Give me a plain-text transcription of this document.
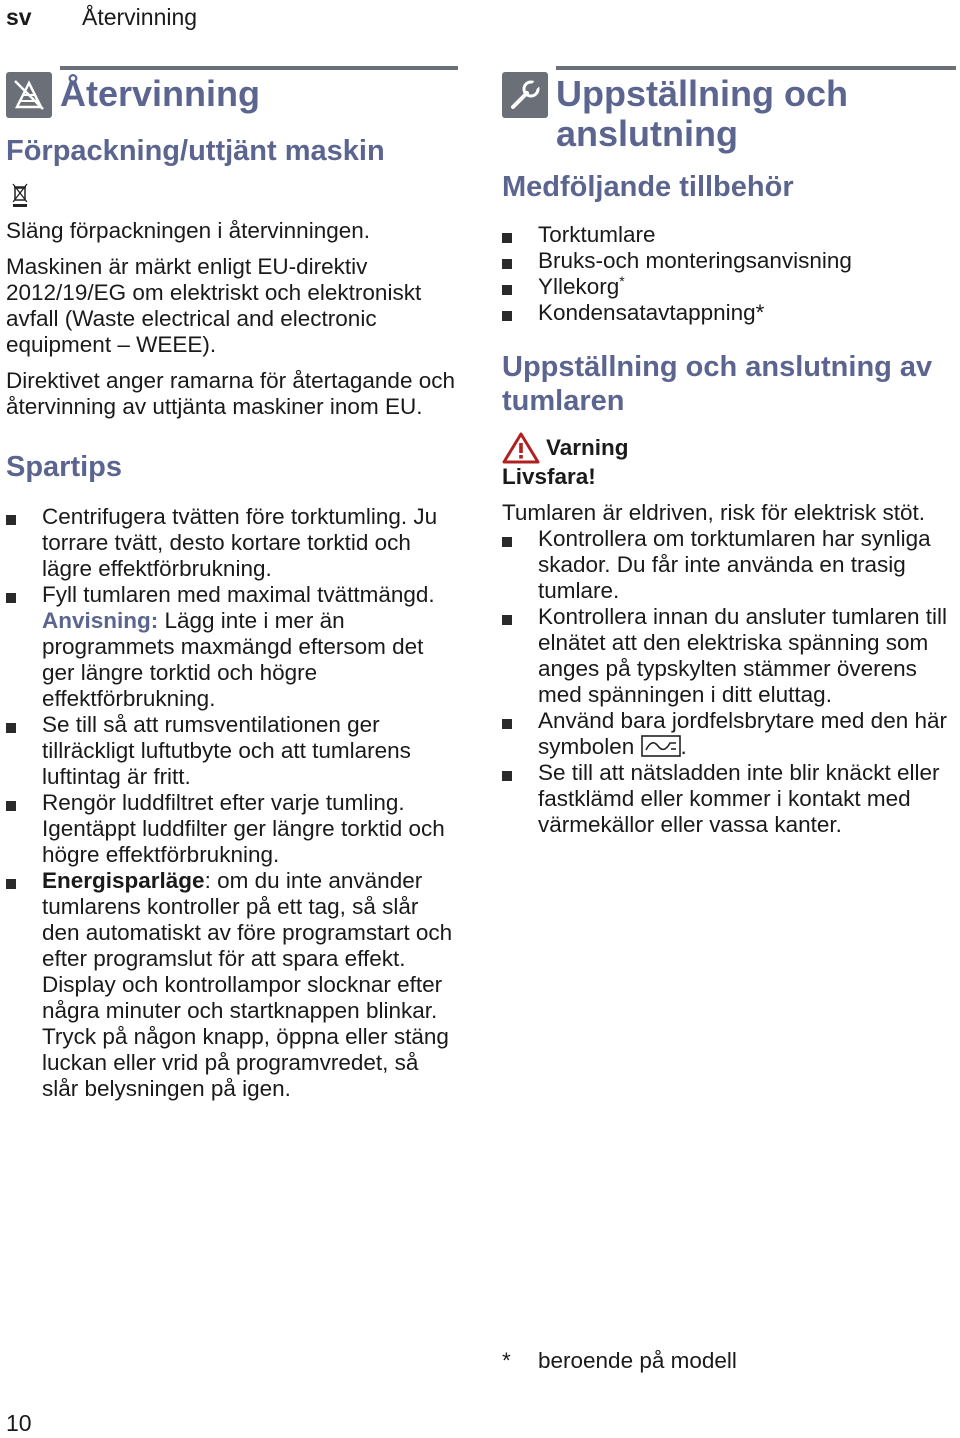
sv Återvinning
Återvinning
Förpackning/uttjänt maskin

Släng förpackningen i återvinningen.

Maskinen är märkt enligt EU-direktiv 2012/19/EG om elektriskt och elektroniskt avfall (Waste electrical and electronic equipment – WEEE).

Direktivet anger ramarna för återtagande och återvinning av uttjänta maskiner inom EU.

Spartips
Centrifugera tvätten före torktumling. Ju torrare tvätt, desto kortare torktid och lägre effektförbrukning.
Fyll tumlaren med maximal tvättmängd.
Anvisning: Lägg inte i mer än programmets maxmängd eftersom det ger längre torktid och högre effektförbrukning.
Se till så att rumsventilationen ger tillräckligt luftutbyte och att tumlarens luftintag är fritt.
Rengör luddfiltret efter varje tumling. Igentäppt luddfilter ger längre torktid och högre effektförbrukning.
Energisparläge: om du inte använder tumlarens kontroller på ett tag, så slår den automatiskt av före programstart och efter programslut för att spara effekt. Display och kontrollampor slocknar efter några minuter och startknappen blinkar. Tryck på någon knapp, öppna eller stäng luckan eller vrid på programvredet, så slår belysningen på igen.
Uppställning och anslutning
Medföljande tillbehör
Torktumlare
Bruks-och monteringsanvisning
Yllekorg*
Kondensatavtappning*
Uppställning och anslutning av tumlaren
Varning
Livsfara!
Tumlaren är eldriven, risk för elektrisk stöt.
Kontrollera om torktumlaren har synliga skador. Du får inte använda en trasig tumlare.
Kontrollera innan du ansluter tumlaren till elnätet att den elektriska spänning som anges på typskylten stämmer överens med spänningen i ditt eluttag.
Använd bara jordfelsbrytare med den här symbolen .
Se till att nätsladden inte blir knäckt eller fastklämd eller kommer i kontakt med värmekällor eller vassa kanter.
* beroende på modell
10
